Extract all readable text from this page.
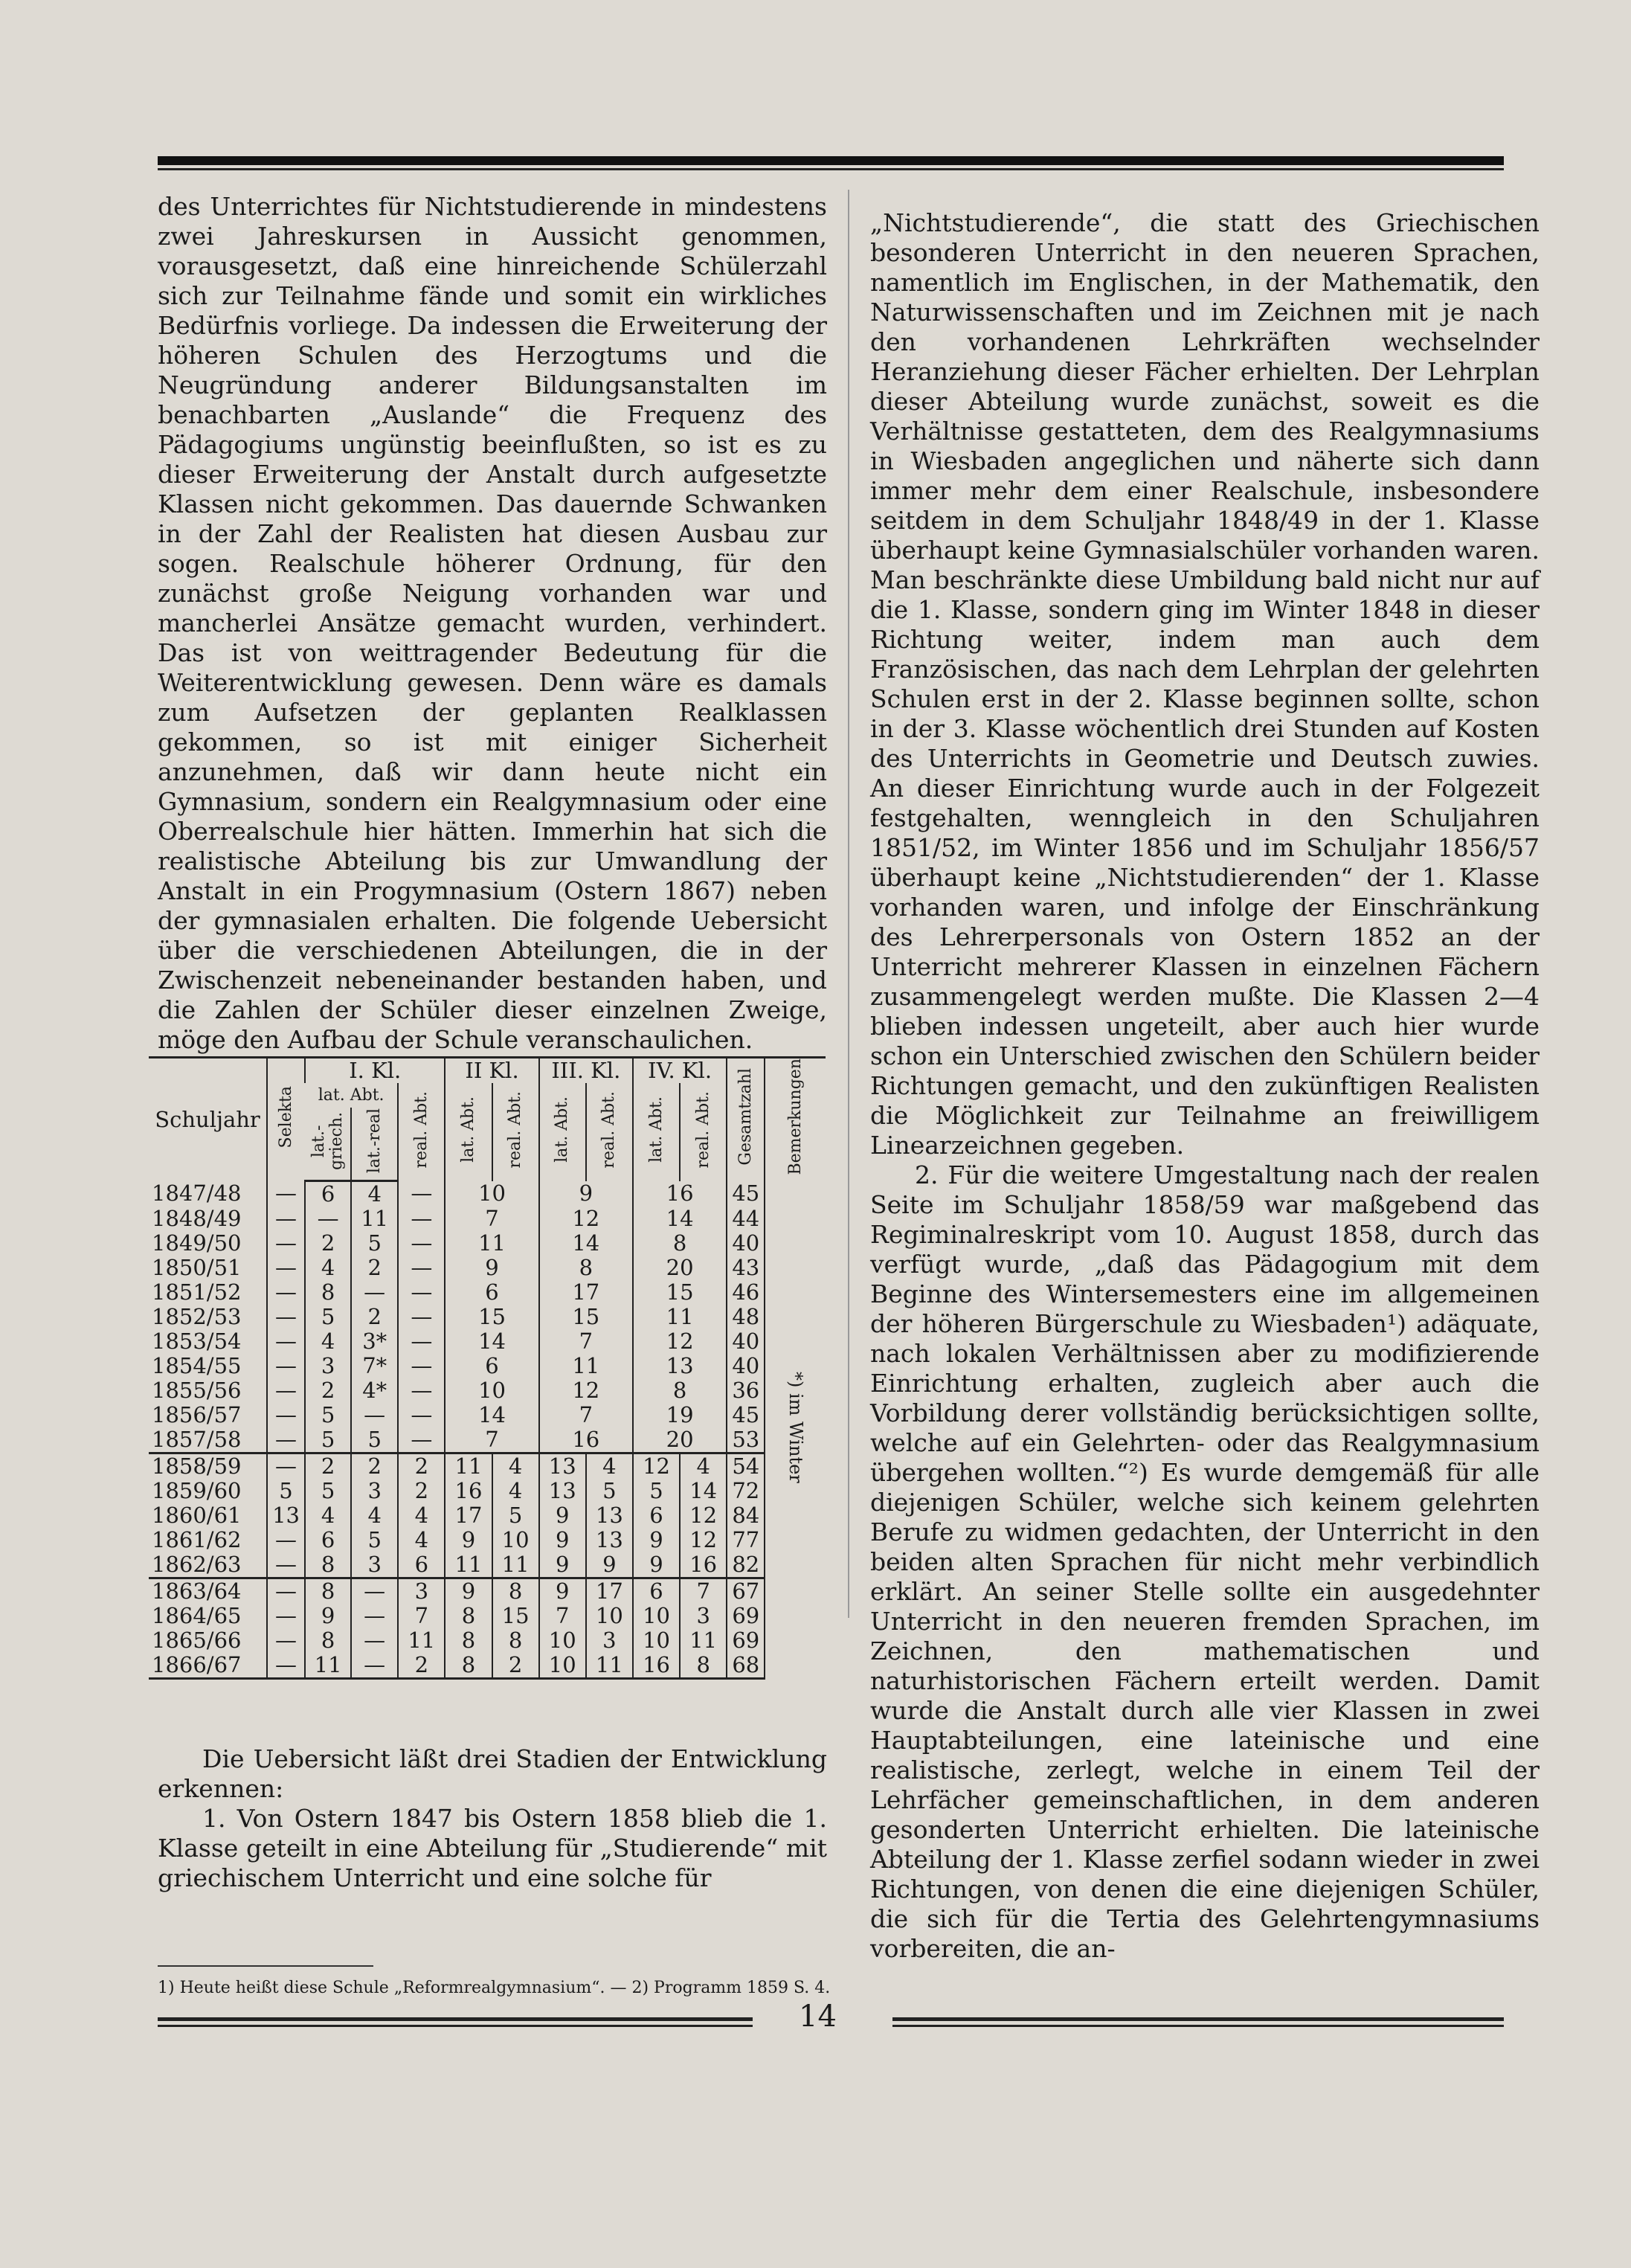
des Unterrichtes für Nichtstudierende in mindestens zwei Jahreskursen in Aussicht genommen, vorausgesetzt, daß eine hinreichende Schülerzahl sich zur Teilnahme fände und somit ein wirkliches Bedürfnis vorliege. Da indessen die Erweiterung der höheren Schulen des Herzogtums und die Neugründung anderer Bildungsanstalten im benachbarten „Auslande“ die Frequenz des Pädagogiums ungünstig beeinflußten, so ist es zu dieser Erweiterung der Anstalt durch aufgesetzte Klassen nicht gekommen. Das dauernde Schwanken in der Zahl der Realisten hat diesen Ausbau zur sogen. Realschule höherer Ordnung, für den zunächst große Neigung vorhanden war und mancherlei Ansätze gemacht wurden, verhindert. Das ist von weittragender Bedeutung für die Weiterentwicklung gewesen. Denn wäre es damals zum Aufsetzen der geplanten Realklassen gekommen, so ist mit einiger Sicherheit anzunehmen, daß wir dann heute nicht ein Gymnasium, sondern ein Realgymnasium oder eine Oberrealschule hier hätten. Immerhin hat sich die realistische Abteilung bis zur Umwandlung der Anstalt in ein Progymnasium (Ostern 1867) neben der gymnasialen erhalten. Die folgende Uebersicht über die verschiedenen Abteilungen, die in der Zwischenzeit nebeneinander bestanden haben, und die Zahlen der Schüler dieser einzelnen Zweige, möge den Aufbau der Schule veranschaulichen.

Schuljahr	Selekta	I. Kl.			II Kl.		III. Kl.		IV. Kl.		Gesamtzahl	Bemerkungen
		lat. Abt.		real. Abt.	lat. Abt.	real. Abt.	lat. Abt.	real. Abt.	lat. Abt.	real. Abt.		
		lat.-griech.	lat.-real									
1847/48	—	6	4	—	10		9		16		45	*) im Winter
1848/49	—	—	11	—	7		12		14		44	
1849/50	—	2	5	—	11		14		8		40	
1850/51	—	4	2	—	9		8		20		43	
1851/52	—	8	—	—	6		17		15		46	
1852/53	—	5	2	—	15		15		11		48	
1853/54	—	4	3*	—	14		7		12		40	
1854/55	—	3	7*	—	6		11		13		40	
1855/56	—	2	4*	—	10		12		8		36	
1856/57	—	5	—	—	14		7		19		45	
1857/58	—	5	5	—	7		16		20		53	
1858/59	—	2	2	2	11	4	13	4	12	4	54	
1859/60	5	5	3	2	16	4	13	5	5	14	72	
1860/61	13	4	4	4	17	5	9	13	6	12	84	
1861/62	—	6	5	4	9	10	9	13	9	12	77	
1862/63	—	8	3	6	11	11	9	9	9	16	82	
1863/64	—	8	—	3	9	8	9	17	6	7	67	
1864/65	—	9	—	7	8	15	7	10	10	3	69	
1865/66	—	8	—	11	8	8	10	3	10	11	69	
1866/67	—	11	—	2	8	2	10	11	16	8	68	

Die Uebersicht läßt drei Stadien der Entwicklung erkennen:

1. Von Ostern 1847 bis Ostern 1858 blieb die 1. Klasse geteilt in eine Abteilung für „Studierende“ mit griechischem Unterricht und eine solche für

„Nichtstudierende“, die statt des Griechischen besonderen Unterricht in den neueren Sprachen, namentlich im Englischen, in der Mathematik, den Naturwissenschaften und im Zeichnen mit je nach den vorhandenen Lehrkräften wechselnder Heranziehung dieser Fächer erhielten. Der Lehrplan dieser Abteilung wurde zunächst, soweit es die Verhältnisse gestatteten, dem des Realgymnasiums in Wiesbaden angeglichen und näherte sich dann immer mehr dem einer Realschule, insbesondere seitdem in dem Schuljahr 1848/49 in der 1. Klasse überhaupt keine Gymnasialschüler vorhanden waren. Man beschränkte diese Umbildung bald nicht nur auf die 1. Klasse, sondern ging im Winter 1848 in dieser Richtung weiter, indem man auch dem Französischen, das nach dem Lehrplan der gelehrten Schulen erst in der 2. Klasse beginnen sollte, schon in der 3. Klasse wöchentlich drei Stunden auf Kosten des Unterrichts in Geometrie und Deutsch zuwies. An dieser Einrichtung wurde auch in der Folgezeit festgehalten, wenngleich in den Schuljahren 1851/52, im Winter 1856 und im Schuljahr 1856/57 überhaupt keine „Nichtstudierenden“ der 1. Klasse vorhanden waren, und infolge der Einschränkung des Lehrerpersonals von Ostern 1852 an der Unterricht mehrerer Klassen in einzelnen Fächern zusammengelegt werden mußte. Die Klassen 2—4 blieben indessen ungeteilt, aber auch hier wurde schon ein Unterschied zwischen den Schülern beider Richtungen gemacht, und den zukünftigen Realisten die Möglichkeit zur Teilnahme an freiwilligem Linearzeichnen gegeben.

2. Für die weitere Umgestaltung nach der realen Seite im Schuljahr 1858/59 war maßgebend das Regiminalreskript vom 10. August 1858, durch das verfügt wurde, „daß das Pädagogium mit dem Beginne des Wintersemesters eine im allgemeinen der höheren Bürgerschule zu Wiesbaden¹) adäquate, nach lokalen Verhältnissen aber zu modifizierende Einrichtung erhalten, zugleich aber auch die Vorbildung derer vollständig berücksichtigen sollte, welche auf ein Gelehrten- oder das Realgymnasium übergehen wollten.“²) Es wurde demgemäß für alle diejenigen Schüler, welche sich keinem gelehrten Berufe zu widmen gedachten, der Unterricht in den beiden alten Sprachen für nicht mehr verbindlich erklärt. An seiner Stelle sollte ein ausgedehnter Unterricht in den neueren fremden Sprachen, im Zeichnen, den mathematischen und naturhistorischen Fächern erteilt werden. Damit wurde die Anstalt durch alle vier Klassen in zwei Hauptabteilungen, eine lateinische und eine realistische, zerlegt, welche in einem Teil der Lehrfächer gemeinschaftlichen, in dem anderen gesonderten Unterricht erhielten. Die lateinische Abteilung der 1. Klasse zerfiel sodann wieder in zwei Richtungen, von denen die eine diejenigen Schüler, die sich für die Tertia des Gelehrtengymnasiums vorbereiten, die an-

1) Heute heißt diese Schule „Reformrealgymnasium“. — 2) Programm 1859 S. 4.
14
